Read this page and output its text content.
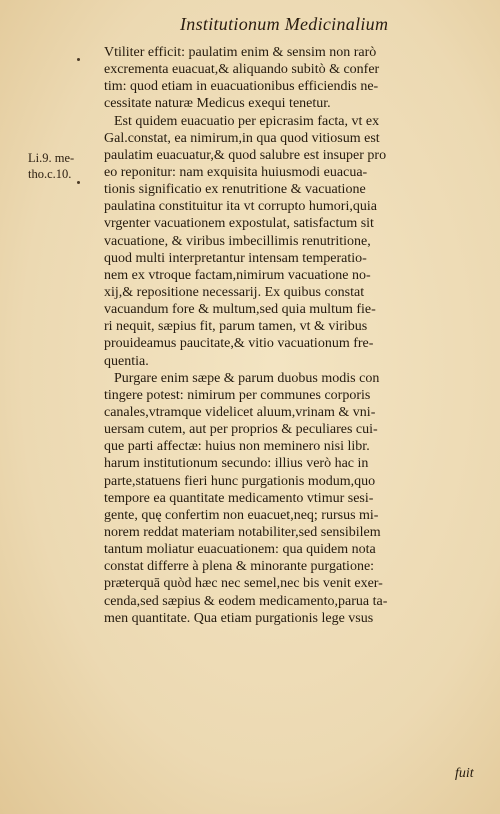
Institutionum Medicinalium
Li.9. me-
tho.c.10.
Vtiliter efficit: paulatim enim & sensim non rarò
excrementa euacuat,& aliquando subitò & confer
tim: quod etiam in euacuationibus efficiendis ne-
cessitate naturæ Medicus exequi tenetur.
Est quidem euacuatio per epicrasim facta, vt ex
Gal.constat, ea nimirum,in qua quod vitiosum est
paulatim euacuatur,& quod salubre est insuper pro
eo reponitur: nam exquisita huiusmodi euacua-
tionis significatio ex renutritione & vacuatione
paulatina constituitur ita vt corrupto humori,quia
vrgenter vacuationem expostulat, satisfactum sit
vacuatione, & viribus imbecillimis renutritione,
quod multi interpretantur intensam temperatio-
nem ex vtroque factam,nimirum vacuatione no-
xij,& repositione necessarij. Ex quibus constat
vacuandum fore & multum,sed quia multum fie-
ri nequit, sæpius fit, parum tamen, vt & viribus
prouideamus paucitate,& vitio vacuationum fre-
quentia.
Purgare enim sæpe & parum duobus modis con
tingere potest: nimirum per communes corporis
canales,vtramque videlicet aluum,vrinam & vni-
uersam cutem, aut per proprios & peculiares cui-
que parti affectæ: huius non meminero nisi libr.
harum institutionum secundo: illius verò hac in
parte,statuens fieri hunc purgationis modum,quo
tempore ea quantitate medicamento vtimur sesi-
gente, quę confertim non euacuet,neq; rursus mi-
norem reddat materiam notabiliter,sed sensibilem
tantum moliatur euacuationem: qua quidem nota
constat differre à plena & minorante purgatione:
præterquā quòd hæc nec semel,nec bis venit exer-
cenda,sed sæpius & eodem medicamento,parua ta-
men quantitate. Qua etiam purgationis lege vsus
fuit
